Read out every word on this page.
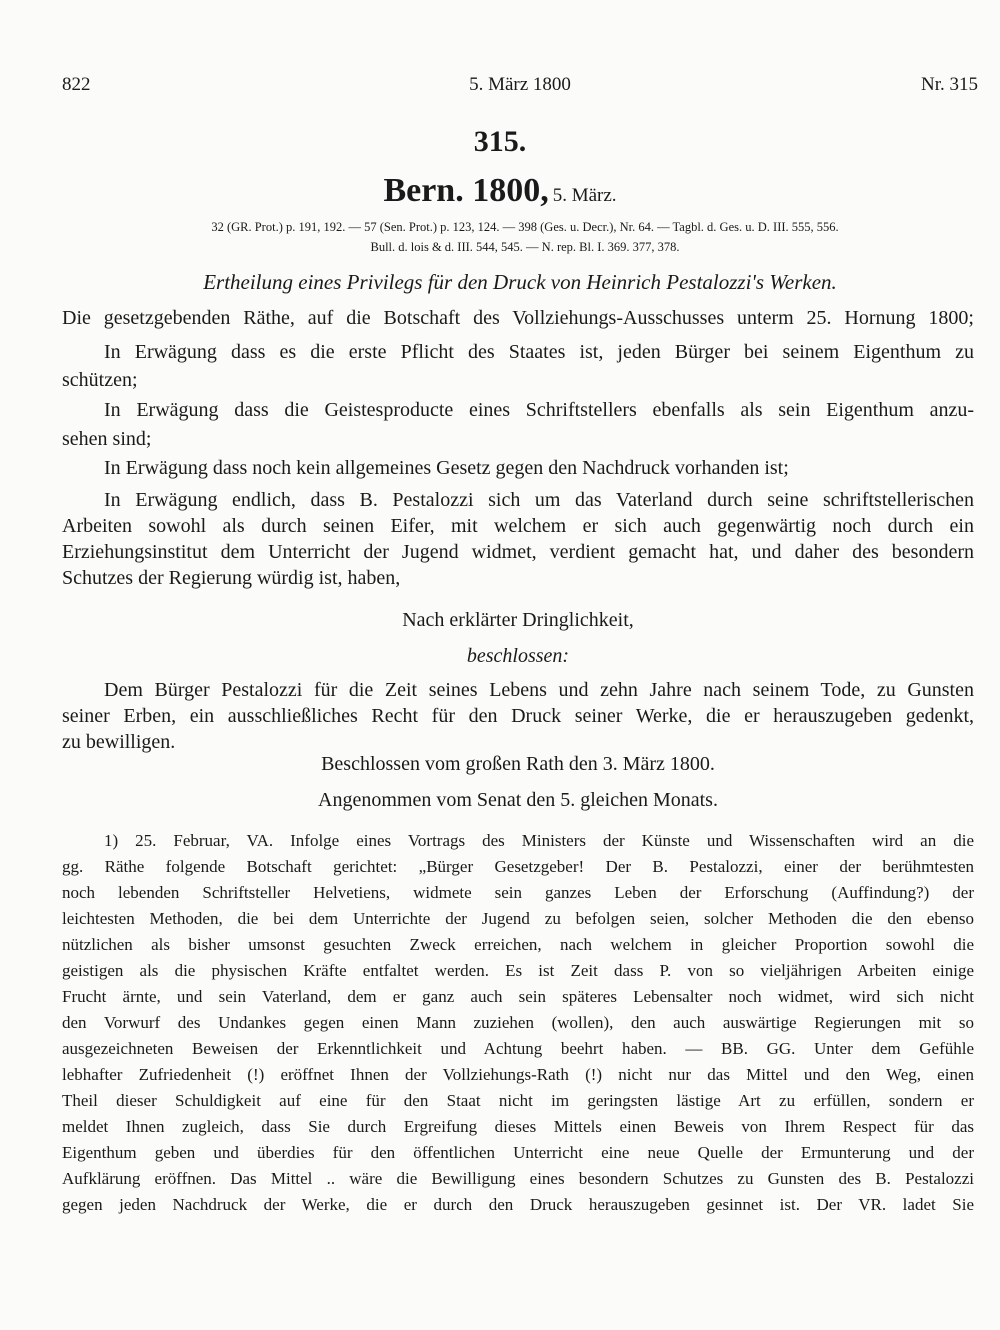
822	5. März 1800	Nr. 315
315.
Bern. 1800, 5. März.
32 (GR. Prot.) p. 191, 192. — 57 (Sen. Prot.) p. 123, 124. — 398 (Ges. u. Decr.), Nr. 64. — Tagbl. d. Ges. u. D. III. 555, 556.
Bull. d. lois & d. III. 544, 545. — N. rep. Bl. I. 369. 377, 378.
Ertheilung eines Privilegs für den Druck von Heinrich Pestalozzi's Werken.
Die gesetzgebenden Räthe, auf die Botschaft des Vollziehungs-Ausschusses unterm 25. Hornung 1800;
In Erwägung dass es die erste Pflicht des Staates ist, jeden Bürger bei seinem Eigenthum zu
schützen;
In Erwägung dass die Geistesproducte eines Schriftstellers ebenfalls als sein Eigenthum anzu-
sehen sind;
In Erwägung dass noch kein allgemeines Gesetz gegen den Nachdruck vorhanden ist;
In Erwägung endlich, dass B. Pestalozzi sich um das Vaterland durch seine schriftstellerischen
Arbeiten sowohl als durch seinen Eifer, mit welchem er sich auch gegenwärtig noch durch ein
Erziehungsinstitut dem Unterricht der Jugend widmet, verdient gemacht hat, und daher des besondern
Schutzes der Regierung würdig ist, haben,
Nach erklärter Dringlichkeit,
beschlossen:
Dem Bürger Pestalozzi für die Zeit seines Lebens und zehn Jahre nach seinem Tode, zu Gunsten
seiner Erben, ein ausschließliches Recht für den Druck seiner Werke, die er herauszugeben gedenkt,
zu bewilligen.
Beschlossen vom großen Rath den 3. März 1800.
Angenommen vom Senat den 5. gleichen Monats.
1) 25. Februar, VA. Infolge eines Vortrags des Ministers der Künste und Wissenschaften wird an die
gg. Räthe folgende Botschaft gerichtet: „Bürger Gesetzgeber! Der B. Pestalozzi, einer der berühmtesten
noch lebenden Schriftsteller Helvetiens, widmete sein ganzes Leben der Erforschung (Auffindung?) der
leichtesten Methoden, die bei dem Unterrichte der Jugend zu befolgen seien, solcher Methoden die den ebenso
nützlichen als bisher umsonst gesuchten Zweck erreichen, nach welchem in gleicher Proportion sowohl die
geistigen als die physischen Kräfte entfaltet werden. Es ist Zeit dass P. von so vieljährigen Arbeiten einige
Frucht ärnte, und sein Vaterland, dem er ganz auch sein späteres Lebensalter noch widmet, wird sich nicht
den Vorwurf des Undankes gegen einen Mann zuziehen (wollen), den auch auswärtige Regierungen mit so
ausgezeichneten Beweisen der Erkenntlichkeit und Achtung beehrt haben. — BB. GG. Unter dem Gefühle
lebhafter Zufriedenheit (!) eröffnet Ihnen der Vollziehungs-Rath (!) nicht nur das Mittel und den Weg, einen
Theil dieser Schuldigkeit auf eine für den Staat nicht im geringsten lästige Art zu erfüllen, sondern er
meldet Ihnen zugleich, dass Sie durch Ergreifung dieses Mittels einen Beweis von Ihrem Respect für das
Eigenthum geben und überdies für den öffentlichen Unterricht eine neue Quelle der Ermunterung und der
Aufklärung eröffnen. Das Mittel .. wäre die Bewilligung eines besondern Schutzes zu Gunsten des B. Pestalozzi
gegen jeden Nachdruck der Werke, die er durch den Druck herauszugeben gesinnet ist. Der VR. ladet Sie
